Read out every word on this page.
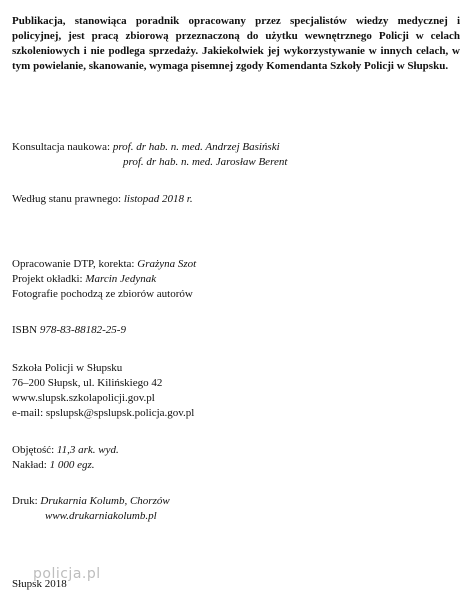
Publikacja, stanowiąca poradnik opracowany przez specjalistów wiedzy medycznej i policyjnej, jest pracą zbiorową przeznaczoną do użytku wewnętrznego Policji w celach szkoleniowych i nie podlega sprzedaży. Jakiekolwiek jej wykorzystywanie w innych celach, w tym powielanie, skanowanie, wymaga pisemnej zgody Komendanta Szkoły Policji w Słupsku.

Konsultacja naukowa: prof. dr hab. n. med. Andrzej Basiński
prof. dr hab. n. med. Jarosław Berent
Według stanu prawnego: listopad 2018 r.
Opracowanie DTP, korekta: Grażyna Szot
Projekt okładki: Marcin Jedynak
Fotografie pochodzą ze zbiorów autorów
ISBN 978-83-88182-25-9
Szkoła Policji w Słupsku
76–200 Słupsk, ul. Kilińskiego 42
www.slupsk.szkolapolicji.gov.pl
e-mail: spslupsk@spslupsk.policja.gov.pl
Objętość: 11,3 ark. wyd.
Nakład: 1 000 egz.
Druk: Drukarnia Kolumb, Chorzów
www.drukarniakolumb.pl
Słupsk 2018
policja.pl
